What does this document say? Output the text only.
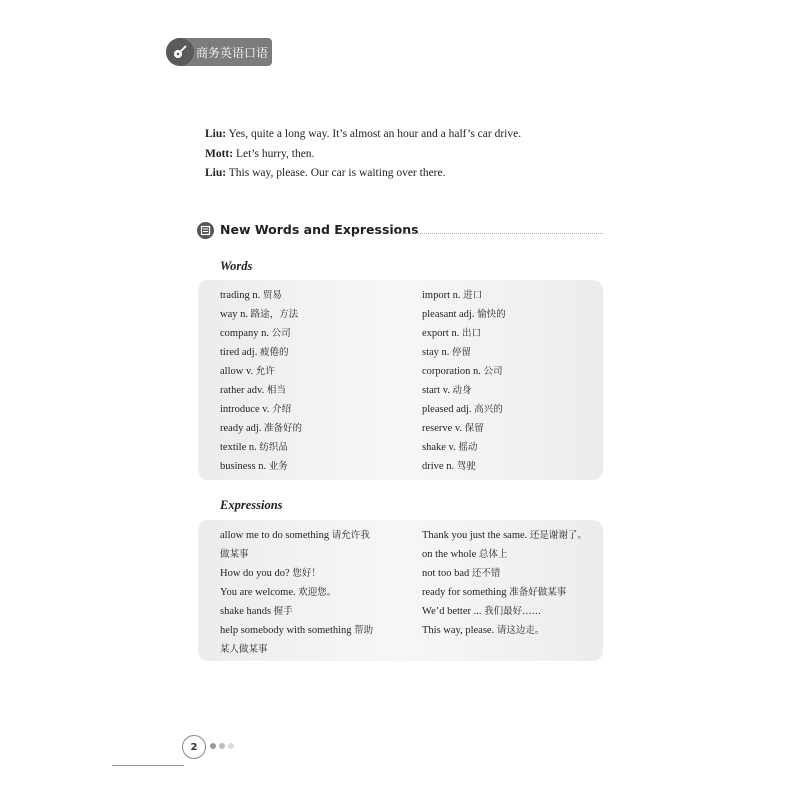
商务英语口语
Liu: Yes, quite a long way. It’s almost an hour and a half’s car drive.
Mott: Let’s hurry, then.
Liu: This way, please. Our car is waiting over there.
New Words and Expressions
Words
trading n. 贸易
way n. 路途，方法
company n. 公司
tired adj. 疲倦的
allow v. 允许
rather adv. 相当
introduce v. 介绍
ready adj. 准备好的
textile n. 纺织品
business n. 业务
import n. 进口
pleasant adj. 愉快的
export n. 出口
stay n. 停留
corporation n. 公司
start v. 动身
pleased adj. 高兴的
reserve v. 保留
shake v. 摇动
drive n. 驾驶
Expressions
allow me to do something 请允许我
做某事
How do you do? 您好！
You are welcome. 欢迎您。
shake hands 握手
help somebody with something 帮助
某人做某事
Thank you just the same. 还是谢谢了。
on the whole 总体上
not too bad 还不错
ready for something 准备好做某事
We’d better ... 我们最好……
This way, please. 请这边走。
2
